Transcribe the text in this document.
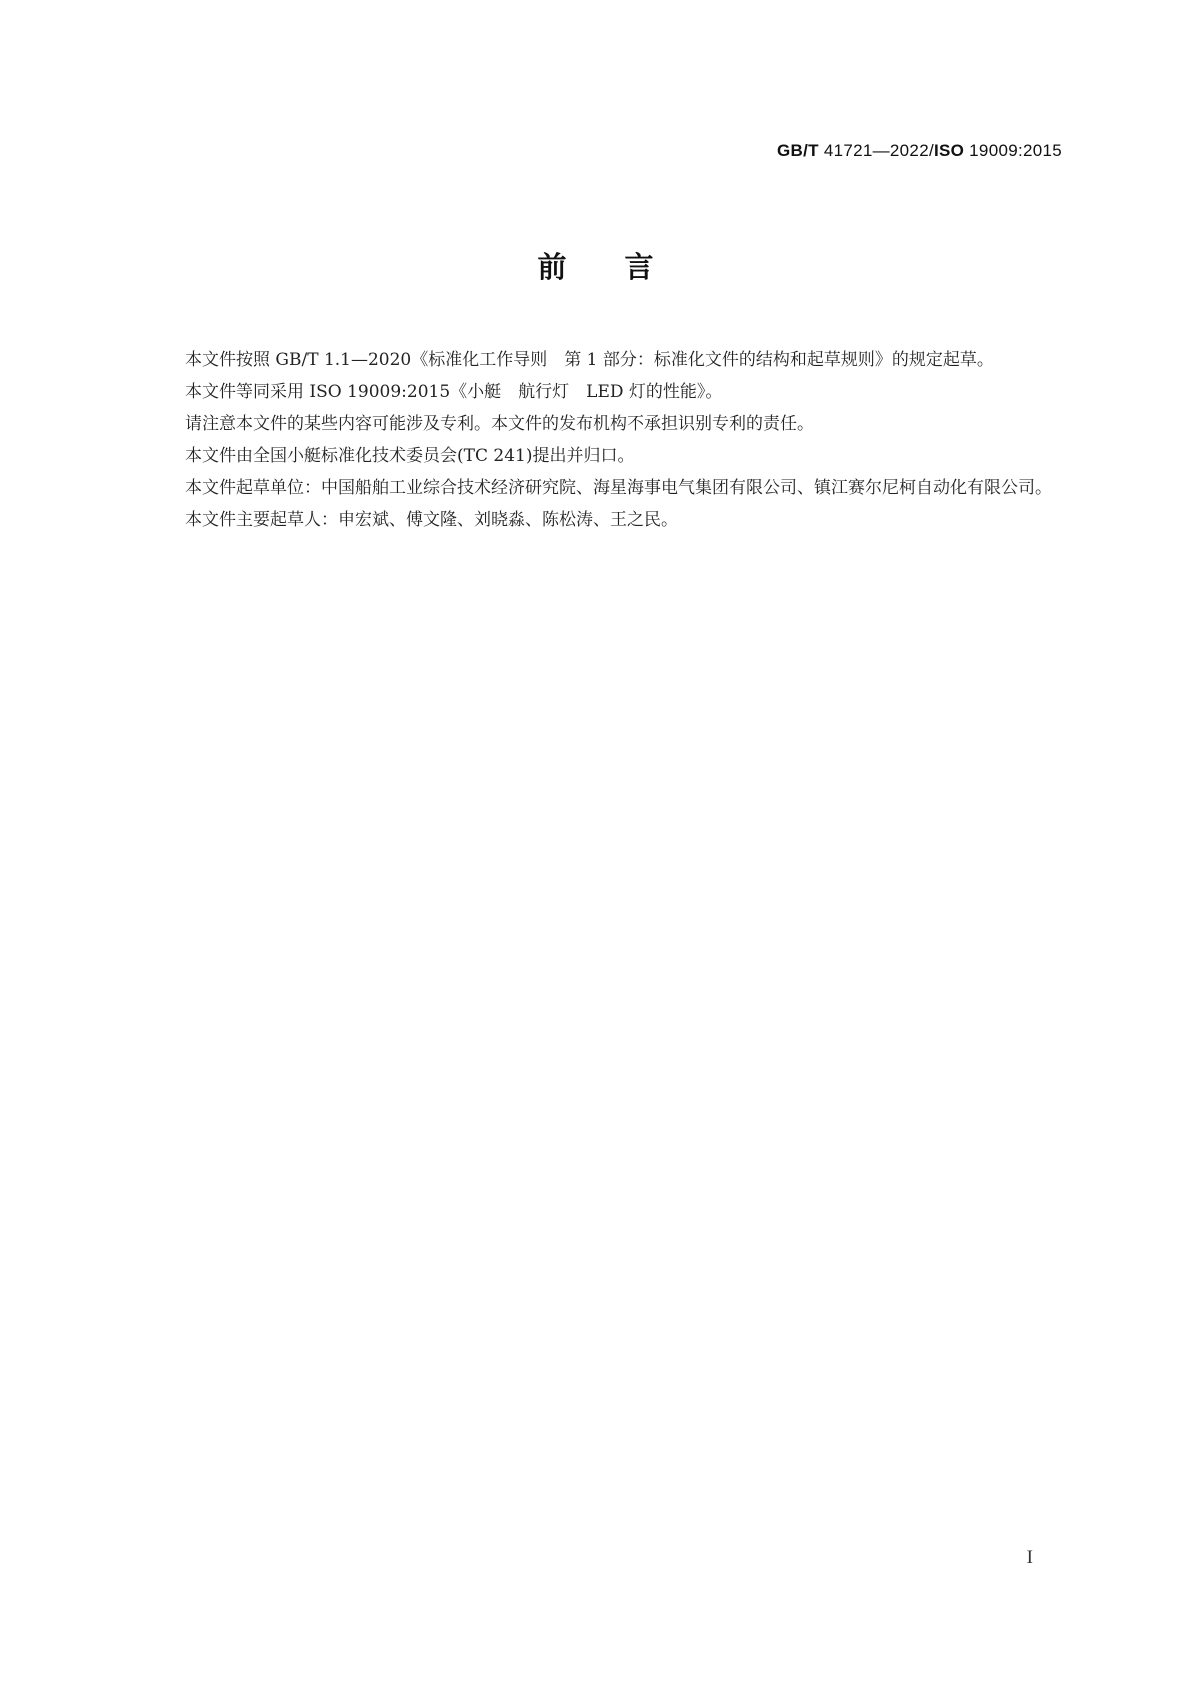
GB/T 41721—2022/ISO 19009:2015
前　　言

本文件按照 GB/T 1.1—2020《标准化工作导则　第 1 部分：标准化文件的结构和起草规则》的规定起草。

本文件等同采用 ISO 19009:2015《小艇　航行灯　LED 灯的性能》。

请注意本文件的某些内容可能涉及专利。本文件的发布机构不承担识别专利的责任。

本文件由全国小艇标准化技术委员会(TC 241)提出并归口。

本文件起草单位：中国船舶工业综合技术经济研究院、海星海事电气集团有限公司、镇江赛尔尼柯自动化有限公司。

本文件主要起草人：申宏斌、傅文隆、刘晓淼、陈松涛、王之民。

I
